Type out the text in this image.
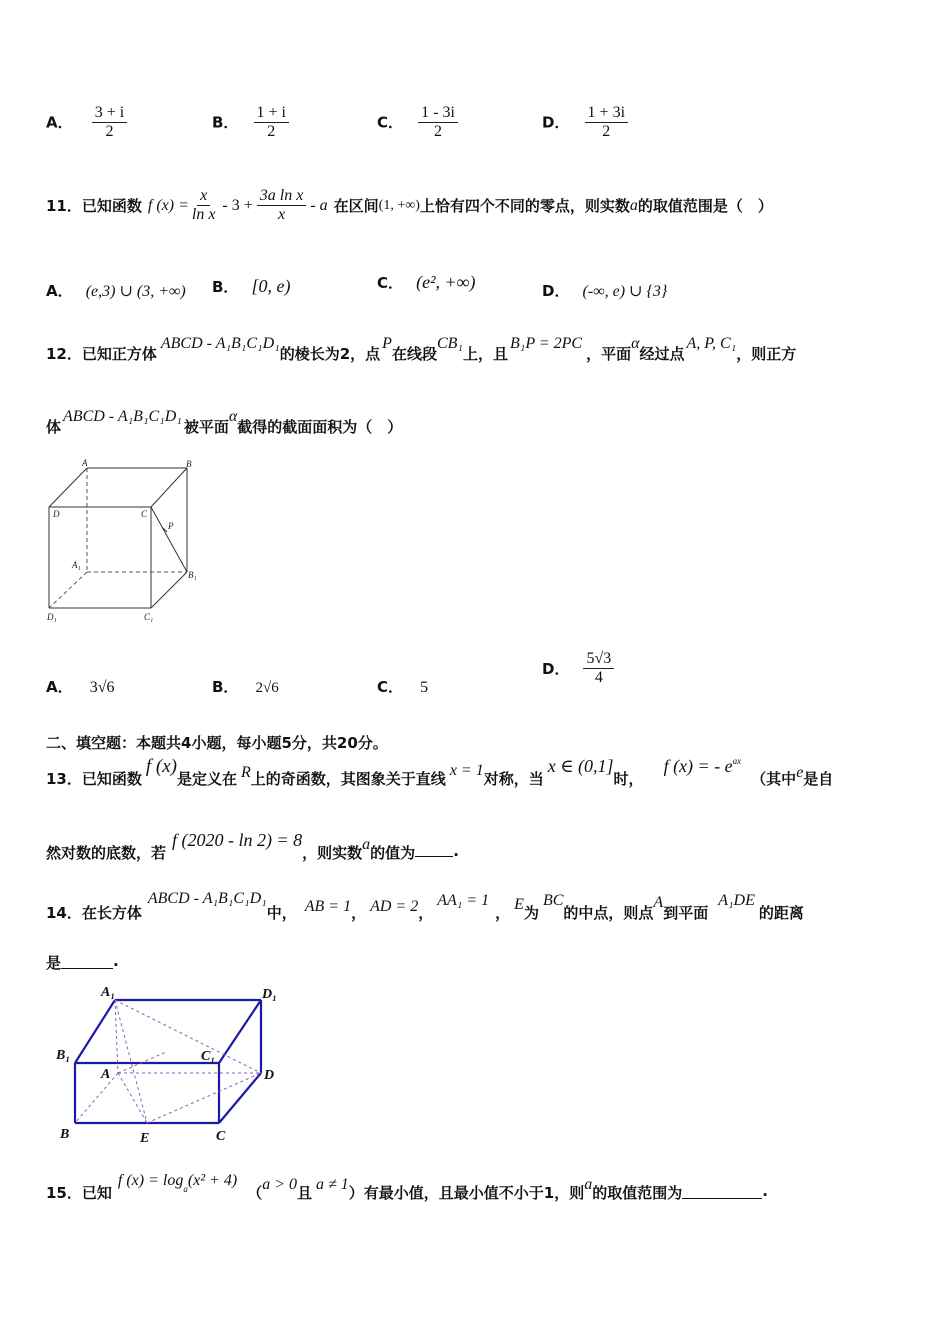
A． $\frac{3 + i}{2}$	B． $\frac{1 + i}{2}$	C． $\frac{1 - 3i}{2}$	D． $\frac{1 + 3i}{2}$
11．已知函数 f $(x) = \frac{x}{\text{ln x}} - 3 + \frac{\text{3a ln x}}{x} - a$ 在区间 (1, +∞) 上恰有四个不同的零点，则实数 a 的取值范围是（　）
A． (e,3) ∪ (3, +∞) B． [0, e)	C． (e², +∞)	D． (-∞, e) ∪ {3}
12．已知正方体
ABCD - A₁B₁C₁D₁
的棱长为2，点
P
在线段
CB₁
上，且
B₁P = 2PC
，平面
α
经过点
A, P, C₁
，则正方
体
ABCD - A₁B₁C₁D₁
被平面
α
截得的截面面积为（　）
A	B
D	C
P
A₁
B₁
D₁	C₁
A． 3√6	B． 2√6	C． 5
D． $\frac{5√3}{4}$
二、填空题：本题共4小题，每小题5分，共20分。
13．已知函数
f (x)
是定义在 R 上的奇函数，其图象关于直线 x = 1 对称，当
x ∈ (0,1]
时，
f (x) = - $e^{ax}$
（其中 e 是自
然对数的底数，若
f (2020 - ln 2) = 8
，则实数 a 的值为	.
14．在长方体
ABCD - A₁B₁C₁D₁
中， AB = 1 ， AD = 2 ，
AA₁ = 1
， E 为
BC
的中点，则点
A
到平面
A₁DE
的距离
是	.
A₁	D₁
B₁	C₁
A	D
B	E	C
15．已知
f $(x) = \log_a (x^2 + 4)$
（ a > 0 且 a ≠ 1 ）有最小值，且最小值不小于1，则 a 的取值范围为	.
